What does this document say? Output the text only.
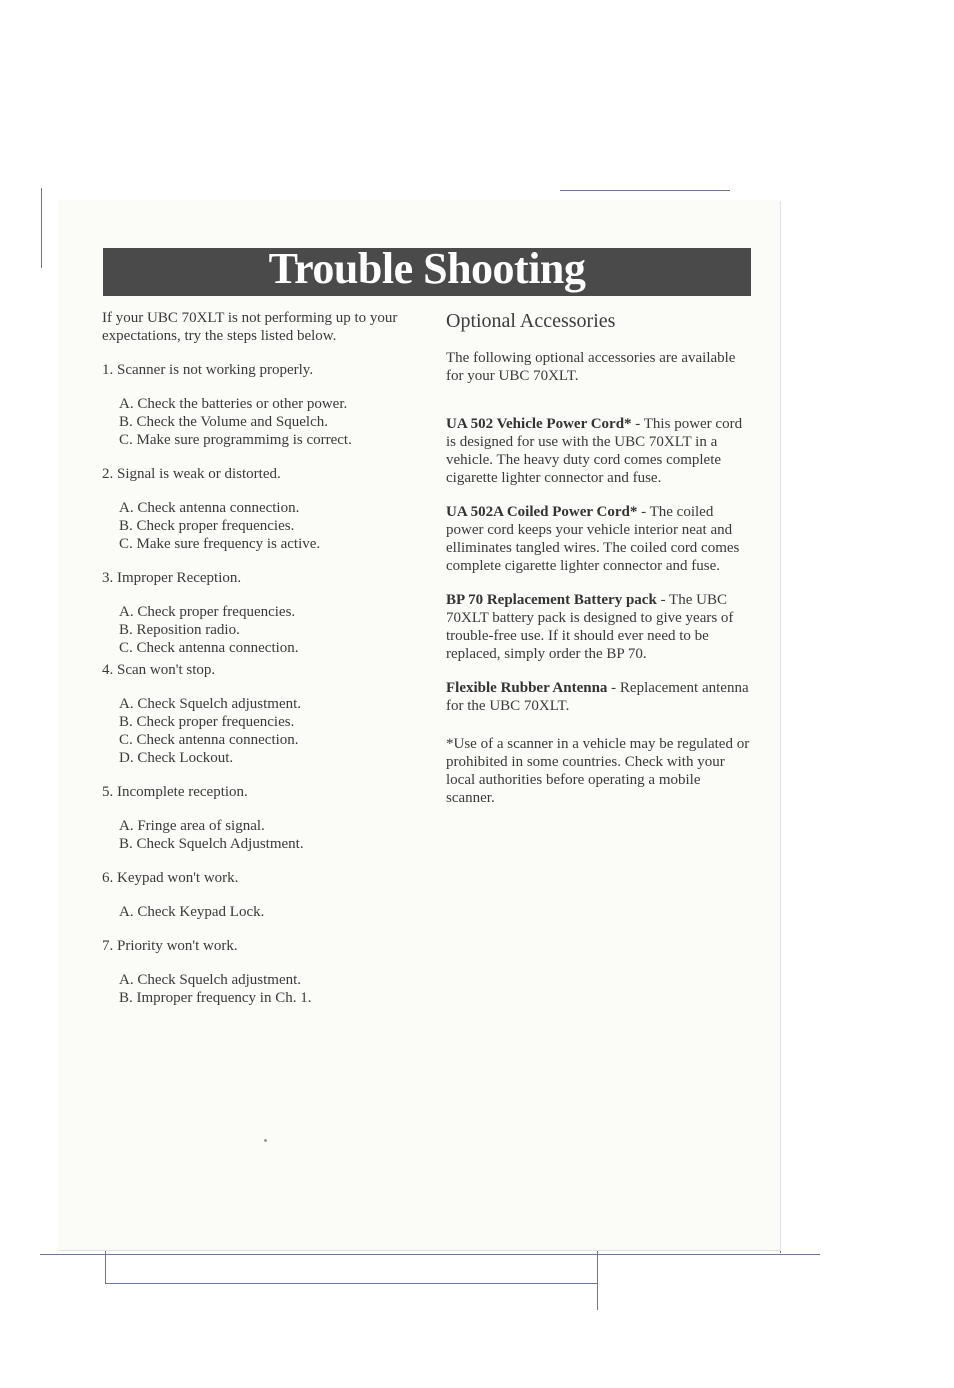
Trouble Shooting
If your UBC 70XLT is not performing up to your expectations, try the steps listed below.
1. Scanner is not working properly.
A. Check the batteries or other power.
B. Check the Volume and Squelch.
C. Make sure programmimg is correct.
2. Signal is weak or distorted.
A. Check antenna connection.
B. Check proper frequencies.
C. Make sure frequency is active.
3. Improper Reception.
A. Check proper frequencies.
B. Reposition radio.
C. Check antenna connection.
4. Scan won't stop.
A. Check Squelch adjustment.
B. Check proper frequencies.
C. Check antenna connection.
D. Check Lockout.
5. Incomplete reception.
A. Fringe area of signal.
B. Check Squelch Adjustment.
6. Keypad won't work.
A. Check Keypad Lock.
7. Priority won't work.
A. Check Squelch adjustment.
B. Improper frequency in Ch. 1.
Optional Accessories
The following optional accessories are available for your UBC 70XLT.
UA 502 Vehicle Power Cord* - This power cord is designed for use with the UBC 70XLT in a vehicle. The heavy duty cord comes complete cigarette lighter connector and fuse.
UA 502A Coiled Power Cord* - The coiled power cord keeps your vehicle interior neat and elliminates tangled wires. The coiled cord comes complete cigarette lighter connector and fuse.
BP 70 Replacement Battery pack - The UBC 70XLT battery pack is designed to give years of trouble-free use. If it should ever need to be replaced, simply order the BP 70.
Flexible Rubber Antenna - Replacement antenna for the UBC 70XLT.
*Use of a scanner in a vehicle may be regulated or prohibited in some countries. Check with your local authorities before operating a mobile scanner.
